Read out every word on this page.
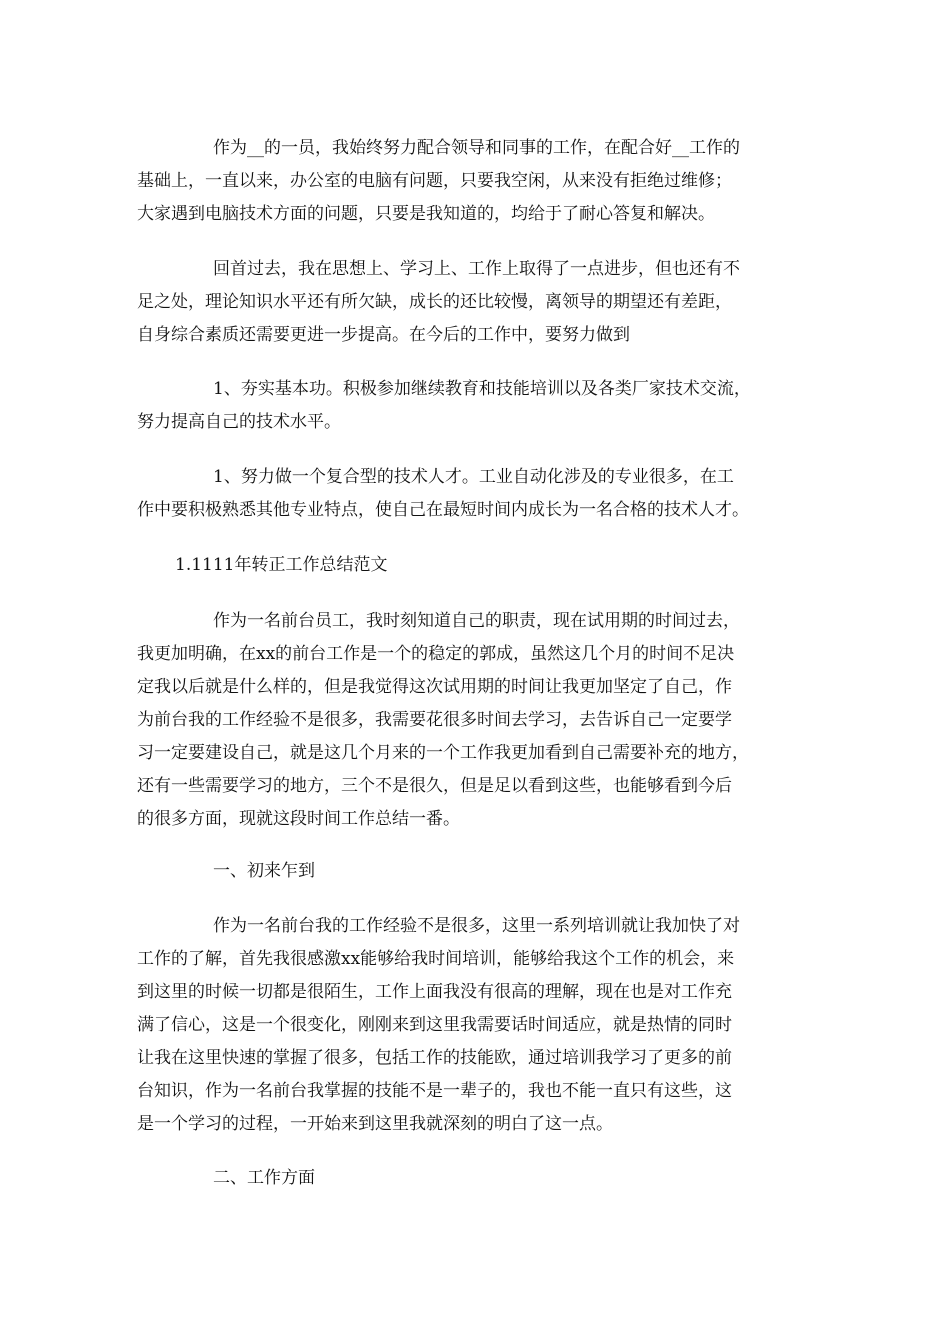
作为__的一员，我始终努力配合领导和同事的工作，在配合好__工作的
基础上，一直以来，办公室的电脑有问题，只要我空闲，从来没有拒绝过维修；
大家遇到电脑技术方面的问题，只要是我知道的，均给于了耐心答复和解决。

回首过去，我在思想上、学习上、工作上取得了一点进步，但也还有不
足之处，理论知识水平还有所欠缺，成长的还比较慢，离领导的期望还有差距，
自身综合素质还需要更进一步提高。在今后的工作中，要努力做到

1、夯实基本功。积极参加继续教育和技能培训以及各类厂家技术交流，
努力提高自己的技术水平。

1、努力做一个复合型的技术人才。工业自动化涉及的专业很多，在工
作中要积极熟悉其他专业特点，使自己在最短时间内成长为一名合格的技术人才。

1.1111年转正工作总结范文

作为一名前台员工，我时刻知道自己的职责，现在试用期的时间过去，
我更加明确，在xx的前台工作是一个的稳定的郭成，虽然这几个月的时间不足决
定我以后就是什么样的，但是我觉得这次试用期的时间让我更加坚定了自己，作
为前台我的工作经验不是很多，我需要花很多时间去学习，去告诉自己一定要学
习一定要建设自己，就是这几个月来的一个工作我更加看到自己需要补充的地方，
还有一些需要学习的地方，三个不是很久，但是足以看到这些，也能够看到今后
的很多方面，现就这段时间工作总结一番。

一、初来乍到

作为一名前台我的工作经验不是很多，这里一系列培训就让我加快了对
工作的了解，首先我很感激xx能够给我时间培训，能够给我这个工作的机会，来
到这里的时候一切都是很陌生，工作上面我没有很高的理解，现在也是对工作充
满了信心，这是一个很变化，刚刚来到这里我需要话时间适应，就是热情的同时
让我在这里快速的掌握了很多，包括工作的技能欧，通过培训我学习了更多的前
台知识，作为一名前台我掌握的技能不是一辈子的，我也不能一直只有这些，这
是一个学习的过程，一开始来到这里我就深刻的明白了这一点。

二、工作方面
